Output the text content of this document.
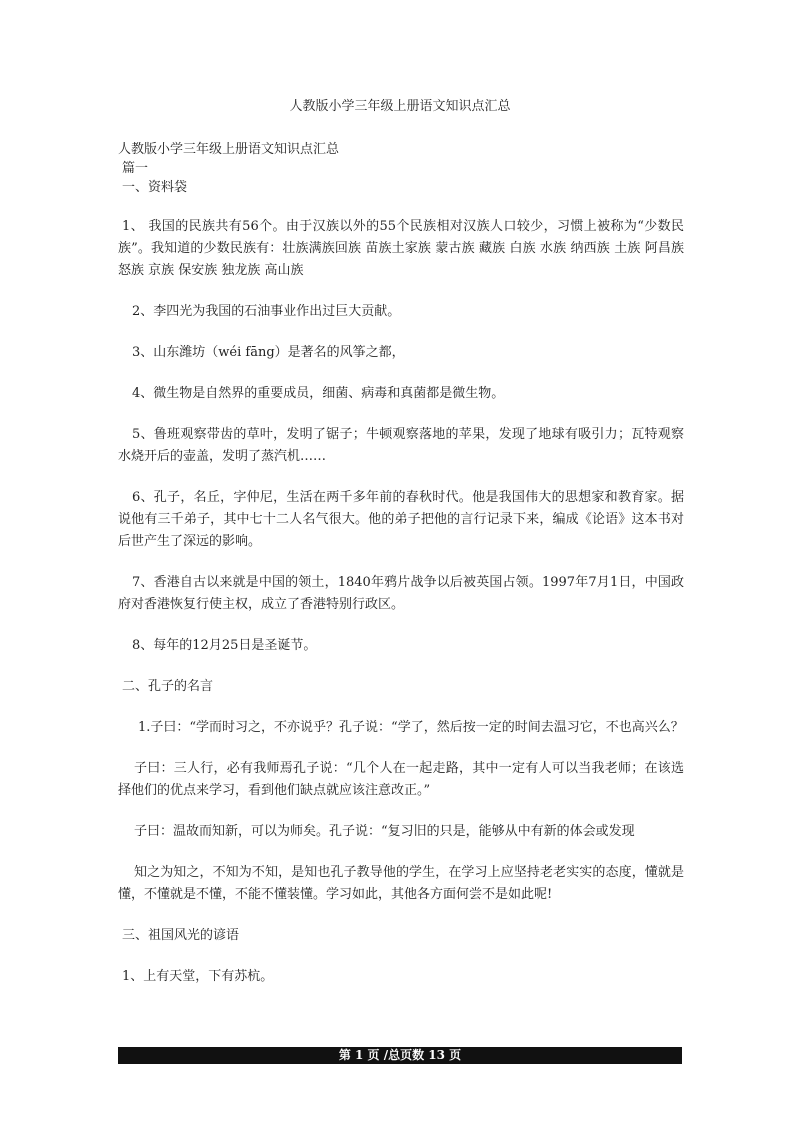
人教版小学三年级上册语文知识点汇总
人教版小学三年级上册语文知识点汇总
篇一
一、资料袋
1、 我国的民族共有56个。由于汉族以外的55个民族相对汉族人口较少，习惯上被称为“少数民族”。我知道的少数民族有：壮族满族回族 苗族土家族 蒙古族 藏族 白族 水族 纳西族 土族 阿昌族 怒族 京族 保安族 独龙族 高山族
2、李四光为我国的石油事业作出过巨大贡献。
3、山东潍坊（wéi fāng）是著名的风筝之都，
4、微生物是自然界的重要成员，细菌、病毒和真菌都是微生物。
5、鲁班观察带齿的草叶，发明了锯子；牛顿观察落地的苹果，发现了地球有吸引力；瓦特观察水烧开后的壶盖，发明了蒸汽机……
6、孔子，名丘，字仲尼，生活在两千多年前的春秋时代。他是我国伟大的思想家和教育家。据说他有三千弟子，其中七十二人名气很大。他的弟子把他的言行记录下来，编成《论语》这本书对后世产生了深远的影响。
7、香港自古以来就是中国的领土，1840年鸦片战争以后被英国占领。1997年7月1日，中国政府对香港恢复行使主权，成立了香港特别行政区。
8、每年的12月25日是圣诞节。
二、孔子的名言
1.子曰：“学而时习之，不亦说乎？孔子说：“学了，然后按一定的时间去温习它，不也高兴么？
子曰：三人行，必有我师焉孔子说：“几个人在一起走路，其中一定有人可以当我老师；在该选择他们的优点来学习，看到他们缺点就应该注意改正。”
子曰：温故而知新，可以为师矣。孔子说：“复习旧的只是，能够从中有新的体会或发现
知之为知之，不知为不知，是知也孔子教导他的学生，在学习上应坚持老老实实的态度，懂就是懂，不懂就是不懂，不能不懂装懂。学习如此，其他各方面何尝不是如此呢!
三、祖国风光的谚语
1、上有天堂，下有苏杭。
第 1 页 /总页数 13 页
